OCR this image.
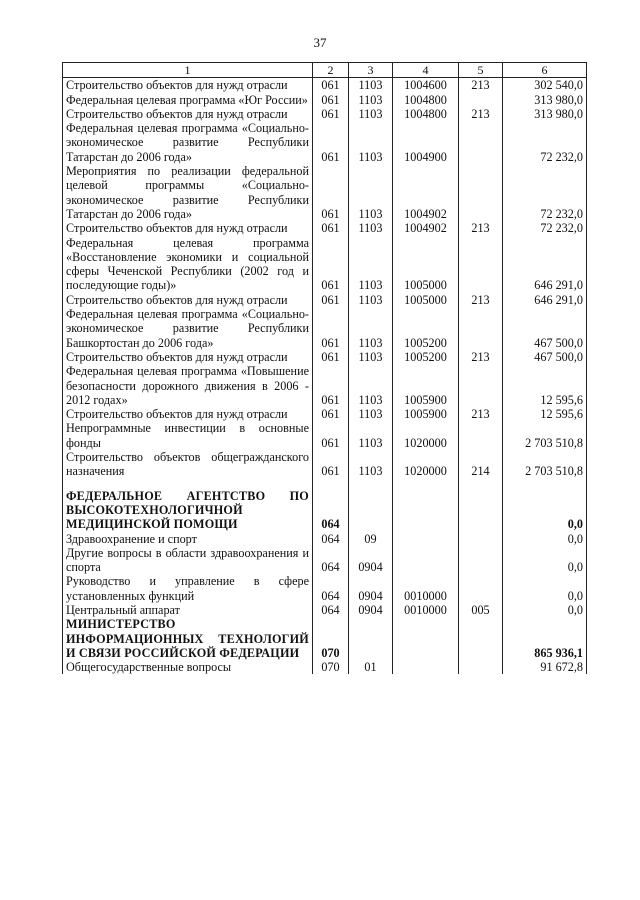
37
1	2	3	4	5	6
Строительство объектов для нужд отрасли	061	1103	1004600	213	302 540,0
Федеральная целевая программа «Юг России»	061	1103	1004800		313 980,0
Строительство объектов для нужд отрасли	061	1103	1004800	213	313 980,0
Федеральная целевая программа «Социально-экономическое развитие Республики Татарстан до 2006 года»	061	1103	1004900		72 232,0
Мероприятия по реализации федеральной целевой программы «Социально-экономическое развитие Республики Татарстан до 2006 года»	061	1103	1004902		72 232,0
Строительство объектов для нужд отрасли	061	1103	1004902	213	72 232,0
Федеральная целевая программа «Восстановление экономики и социальной сферы Чеченской Республики (2002 год и последующие годы)»	061	1103	1005000		646 291,0
Строительство объектов для нужд отрасли	061	1103	1005000	213	646 291,0
Федеральная целевая программа «Социально-экономическое развитие Республики Башкортостан до 2006 года»	061	1103	1005200		467 500,0
Строительство объектов для нужд отрасли	061	1103	1005200	213	467 500,0
Федеральная целевая программа «Повышение безопасности дорожного движения в 2006 - 2012 годах»	061	1103	1005900		12 595,6
Строительство объектов для нужд отрасли	061	1103	1005900	213	12 595,6
Непрограммные инвестиции в основные фонды	061	1103	1020000		2 703 510,8
Строительство объектов общегражданского назначения	061	1103	1020000	214	2 703 510,8

ФЕДЕРАЛЬНОЕ АГЕНТСТВО ПО ВЫСОКОТЕХНОЛОГИЧНОЙ МЕДИЦИНСКОЙ ПОМОЩИ	064				0,0
Здравоохранение и спорт	064	09			0,0
Другие вопросы в области здравоохранения и спорта	064	0904			0,0
Руководство и управление в сфере установленных функций	064	0904	0010000		0,0
Центральный аппарат	064	0904	0010000	005	0,0
МИНИСТЕРСТВО ИНФОРМАЦИОННЫХ ТЕХНОЛОГИЙ И СВЯЗИ РОССИЙСКОЙ ФЕДЕРАЦИИ	070				865 936,1
Общегосударственные вопросы	070	01			91 672,8
